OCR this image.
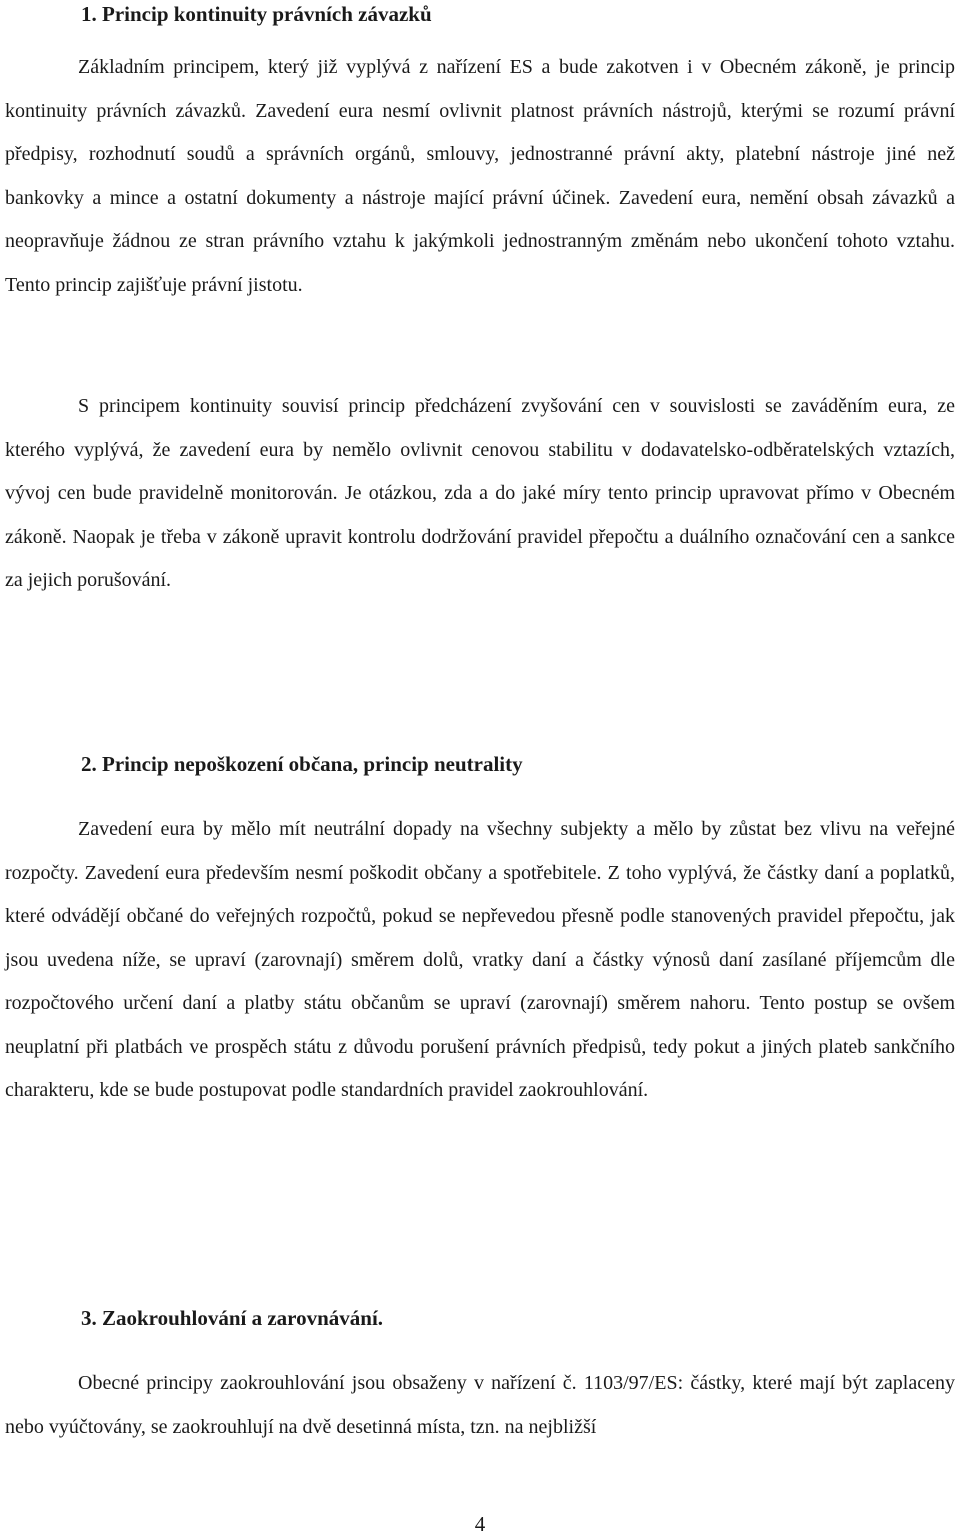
1. Princip kontinuity právních závazků

Základním principem, který již vyplývá z nařízení ES a bude zakotven i v Obecném zákoně, je princip kontinuity právních závazků. Zavedení eura nesmí ovlivnit platnost právních nástrojů, kterými se rozumí právní předpisy, rozhodnutí soudů a správních orgánů, smlouvy, jednostranné právní akty, platební nástroje jiné než bankovky a mince a ostatní dokumenty a nástroje mající právní účinek. Zavedení eura, nemění obsah závazků a neopravňuje žádnou ze stran právního vztahu k jakýmkoli jednostranným změnám nebo ukončení tohoto vztahu. Tento princip zajišťuje právní jistotu.

S principem kontinuity souvisí princip předcházení zvyšování cen v souvislosti se zaváděním eura, ze kterého vyplývá, že zavedení eura by nemělo ovlivnit cenovou stabilitu v dodavatelsko-odběratelských vztazích, vývoj cen bude pravidelně monitorován. Je otázkou, zda a do jaké míry tento princip upravovat přímo v Obecném zákoně. Naopak je třeba v zákoně upravit kontrolu dodržování pravidel přepočtu a duálního označování cen a sankce za jejich porušování.

2. Princip nepoškození občana, princip neutrality

Zavedení eura by mělo mít neutrální dopady na všechny subjekty a mělo by zůstat bez vlivu na veřejné rozpočty. Zavedení eura především nesmí poškodit občany a spotřebitele. Z toho vyplývá, že částky daní a poplatků, které odvádějí občané do veřejných rozpočtů, pokud se nepřevedou přesně podle stanovených pravidel přepočtu, jak jsou uvedena níže, se upraví (zarovnají) směrem dolů, vratky daní a částky výnosů daní zasílané příjemcům dle rozpočtového určení daní a platby státu občanům se upraví (zarovnají) směrem nahoru. Tento postup se ovšem neuplatní při platbách ve prospěch státu z důvodu porušení právních předpisů, tedy pokut a jiných plateb sankčního charakteru, kde se bude postupovat podle standardních pravidel zaokrouhlování.

3. Zaokrouhlování a zarovnávání.

Obecné principy zaokrouhlování jsou obsaženy v nařízení č. 1103/97/ES: částky, které mají být zaplaceny nebo vyúčtovány, se zaokrouhlují na dvě desetinná místa, tzn. na nejbližší

4
